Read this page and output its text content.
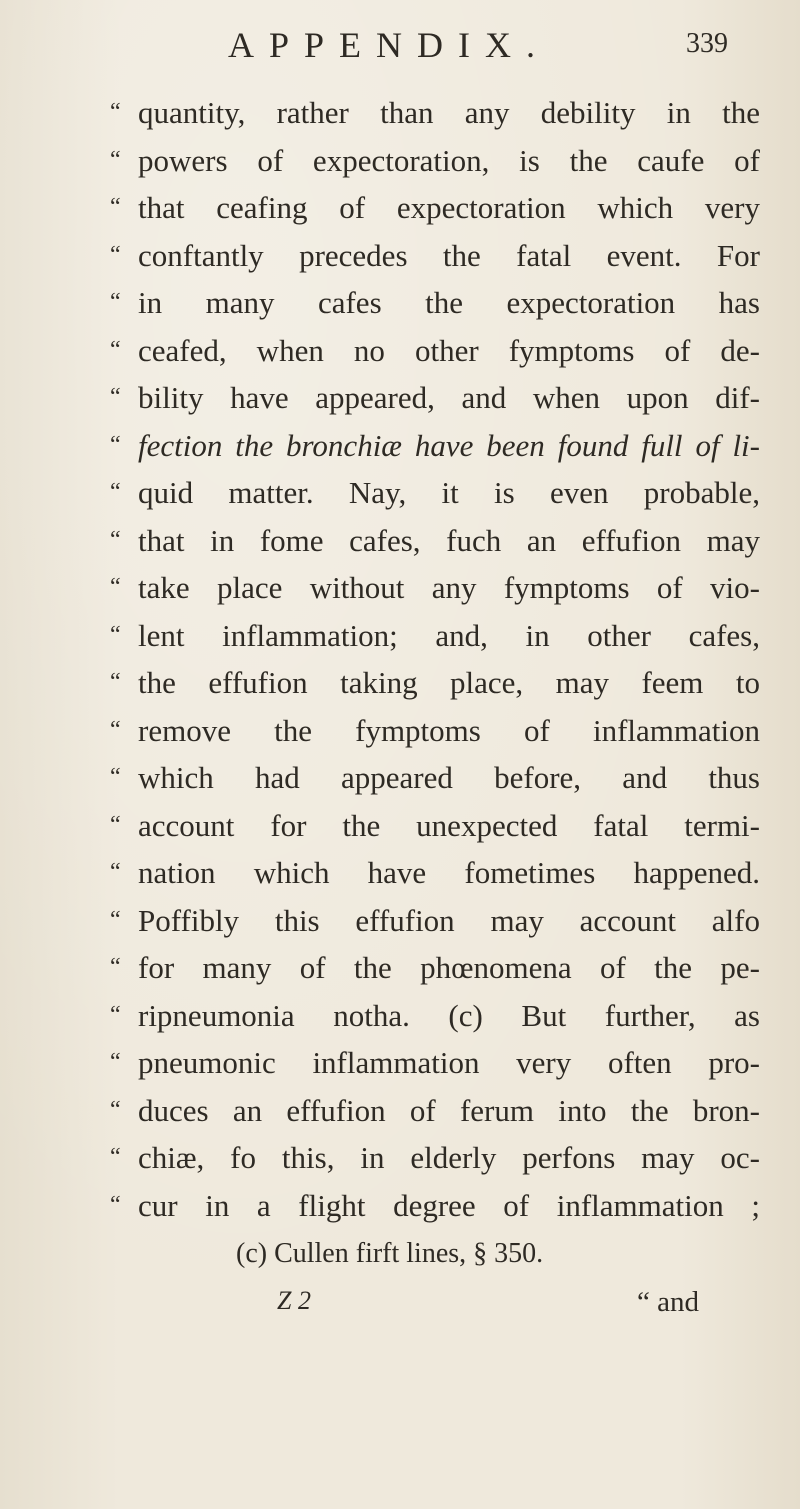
APPENDIX.	339
“ quantity, rather than any debility in the
“ powers of expectoration, is the caufe of
“ that ceafing of expectoration which very
“ conftantly precedes the fatal event. For
“ in many cafes the expectoration has
“ ceafed, when no other fymptoms of de-
“ bility have appeared, and when upon dif-
“ fection the bronchiæ have been found full of li-
“ quid matter. Nay, it is even probable,
“ that in fome cafes, fuch an effufion may
“ take place without any fymptoms of vio-
“ lent inflammation; and, in other cafes,
“ the effufion taking place, may feem to
“ remove the fymptoms of inflammation
“ which had appeared before, and thus
“ account for the unexpected fatal termi-
“ nation which have fometimes happened.
“ Poffibly this effufion may account alfo
“ for many of the phœnomena of the pe-
“ ripneumonia notha. (c) But further, as
“ pneumonic inflammation very often pro-
“ duces an effufion of ferum into the bron-
“ chiæ, fo this, in elderly perfons may oc-
“ cur in a flight degree of inflammation ;
(c) Cullen firft lines, § 350.
Z 2	“ and
